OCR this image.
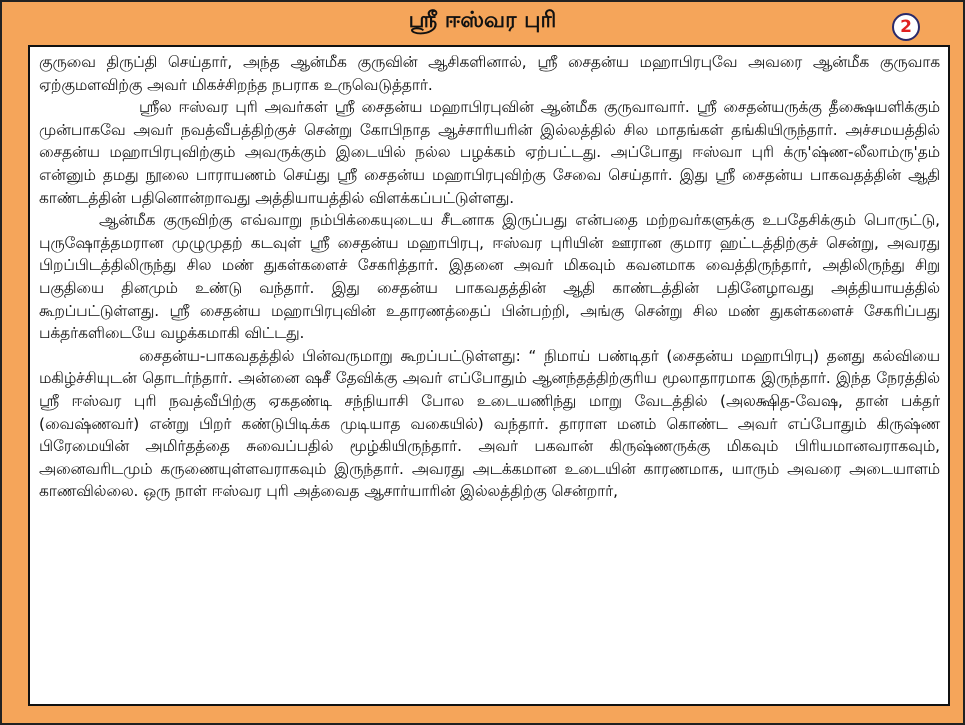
ஸ்ரீ ஈஸ்வர புரி	2

குருவை திருப்தி செய்தார், அந்த ஆன்மீக குருவின் ஆசிகளினால், ஸ்ரீ சைதன்ய மஹாபிரபுவே அவரை ஆன்மீக குருவாக ஏற்குமளவிற்கு அவர் மிகச்சிறந்த நபராக உருவெடுத்தார்.

ஸ்ரீல ஈஸ்வர புரி அவர்கள் ஸ்ரீ சைதன்ய மஹாபிரபுவின் ஆன்மீக குருவாவார். ஸ்ரீ சைதன்யருக்கு தீக்ஷையளிக்கும் முன்பாகவே அவர் நவத்வீபத்திற்குச் சென்று கோபிநாத ஆச்சாரியரின் இல்லத்தில் சில மாதங்கள் தங்கியிருந்தார். அச்சமயத்தில் சைதன்ய மஹாபிரபுவிற்கும் அவருக்கும் இடையில் நல்ல பழக்கம் ஏற்பட்டது. அப்போது ஈஸ்வா புரி க்ரு'ஷ்ண-லீலாம்ரு'தம் என்னும் தமது நூலை பாராயணம் செய்து ஸ்ரீ சைதன்ய மஹாபிரபுவிற்கு சேவை செய்தார். இது ஸ்ரீ சைதன்ய பாகவதத்தின் ஆதி காண்டத்தின் பதினொன்றாவது அத்தியாயத்தில் விளக்கப்பட்டுள்ளது.

ஆன்மீக குருவிற்கு எவ்வாறு நம்பிக்கையுடைய சீடனாக இருப்பது என்பதை மற்றவர்களுக்கு உபதேசிக்கும் பொருட்டு, புருஷோத்தமரான முழுமுதற் கடவுள் ஸ்ரீ சைதன்ய மஹாபிரபு, ஈஸ்வர புரியின் ஊரான குமார ஹட்டத்திற்குச் சென்று, அவரது பிறப்பிடத்திலிருந்து சில மண் துகள்களைச் சேகரித்தார். இதனை அவர் மிகவும் கவனமாக வைத்திருந்தார், அதிலிருந்து சிறு பகுதியை தினமும் உண்டு வந்தார். இது சைதன்ய பாகவதத்தின் ஆதி காண்டத்தின் பதினேழாவது அத்தியாயத்தில் கூறப்பட்டுள்ளது. ஸ்ரீ சைதன்ய மஹாபிரபுவின் உதாரணத்தைப் பின்பற்றி, அங்கு சென்று சில மண் துகள்களைச் சேகரிப்பது பக்தர்களிடையே வழக்கமாகி விட்டது.

சைதன்ய-பாகவதத்தில் பின்வருமாறு கூறப்பட்டுள்ளது: “ நிமாய் பண்டிதர் (சைதன்ய மஹாபிரபு) தனது கல்வியை மகிழ்ச்சியுடன் தொடர்ந்தார். அன்னை ஷசீ தேவிக்கு அவர் எப்போதும் ஆனந்தத்திற்குரிய மூலாதாரமாக இருந்தார். இந்த நேரத்தில் ஸ்ரீ ஈஸ்வர புரி நவத்வீபிற்கு ஏகதண்டி சந்நியாசி போல உடையணிந்து மாறு வேடத்தில் (அலக்ஷித-வேஷ, தான் பக்தர் (வைஷ்ணவர்) என்று பிறர் கண்டுபிடிக்க முடியாத வகையில்) வந்தார். தாராள மனம் கொண்ட அவர் எப்போதும் கிருஷ்ண பிரேமையின் அமிர்தத்தை சுவைப்பதில் மூழ்கியிருந்தார். அவர் பகவான் கிருஷ்ணருக்கு மிகவும் பிரியமானவராகவும், அனைவரிடமும் கருணையுள்ளவராகவும் இருந்தார். அவரது அடக்கமான உடையின் காரணமாக, யாரும் அவரை அடையாளம் காணவில்லை. ஒரு நாள் ஈஸ்வர புரி அத்வைத ஆசார்யாரின் இல்லத்திற்கு சென்றார்,
